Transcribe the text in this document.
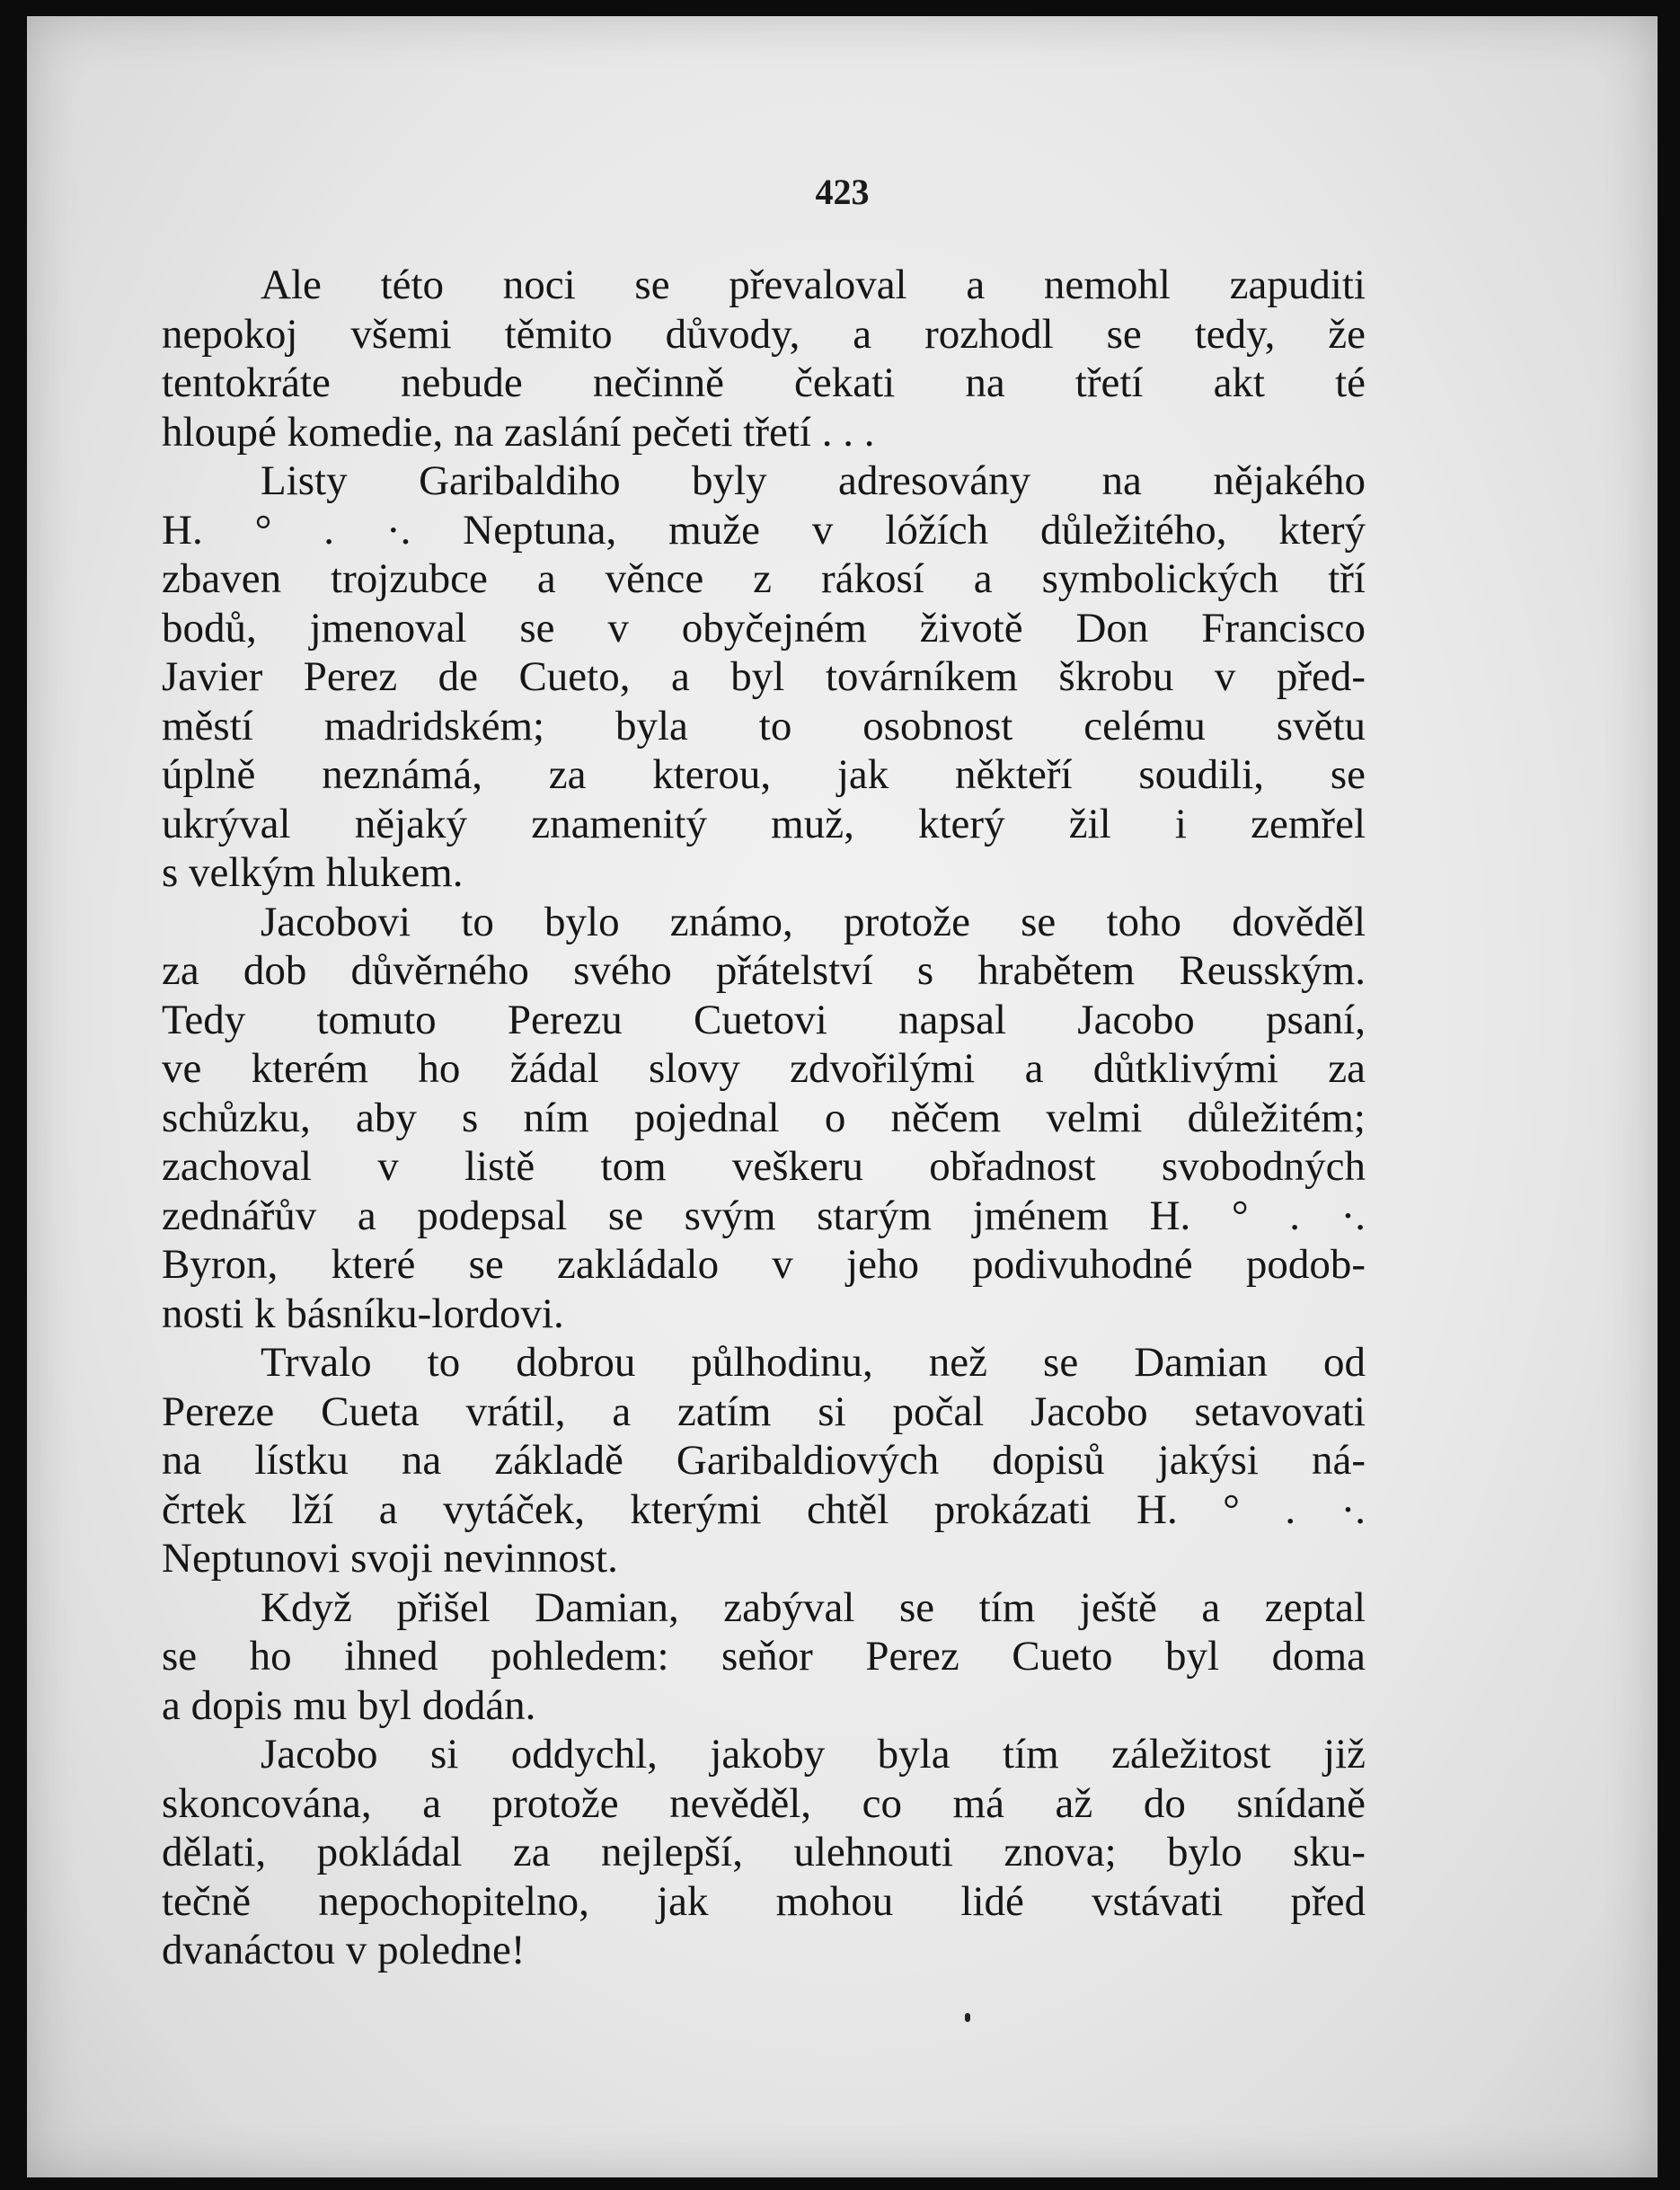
423
Ale této noci se převaloval a nemohl zapuditi
nepokoj všemi těmito důvody, a rozhodl se tedy, že
tentokráte nebude nečinně čekati na třetí akt té
hloupé komedie, na zaslání pečeti třetí . . .
Listy Garibaldiho byly adresovány na nějakého
H. ° . ·. Neptuna, muže v lóžích důležitého, který
zbaven trojzubce a věnce z rákosí a symbolických tří
bodů, jmenoval se v obyčejném životě Don Francisco
Javier Perez de Cueto, a byl továrníkem škrobu v před-
městí madridském; byla to osobnost celému světu
úplně neznámá, za kterou, jak někteří soudili, se
ukrýval nějaký znamenitý muž, který žil i zemřel
s velkým hlukem.
Jacobovi to bylo známo, protože se toho dověděl
za dob důvěrného svého přátelství s hrabětem Reusským.
Tedy tomuto Perezu Cuetovi napsal Jacobo psaní,
ve kterém ho žádal slovy zdvořilými a důtklivými za
schůzku, aby s ním pojednal o něčem velmi důležitém;
zachoval v listě tom veškeru obřadnost svobodných
zednářův a podepsal se svým starým jménem H. ° . ·.
Byron, které se zakládalo v jeho podivuhodné podob-
nosti k básníku-lordovi.
Trvalo to dobrou půlhodinu, než se Damian od
Pereze Cueta vrátil, a zatím si počal Jacobo setavovati
na lístku na základě Garibaldiových dopisů jakýsi ná-
črtek lží a vytáček, kterými chtěl prokázati H. ° . ·.
Neptunovi svoji nevinnost.
Když přišel Damian, zabýval se tím ještě a zeptal
se ho ihned pohledem: seňor Perez Cueto byl doma
a dopis mu byl dodán.
Jacobo si oddychl, jakoby byla tím záležitost již
skoncována, a protože nevěděl, co má až do snídaně
dělati, pokládal za nejlepší, ulehnouti znova; bylo sku-
tečně nepochopitelno, jak mohou lidé vstávati před
dvanáctou v poledne!
